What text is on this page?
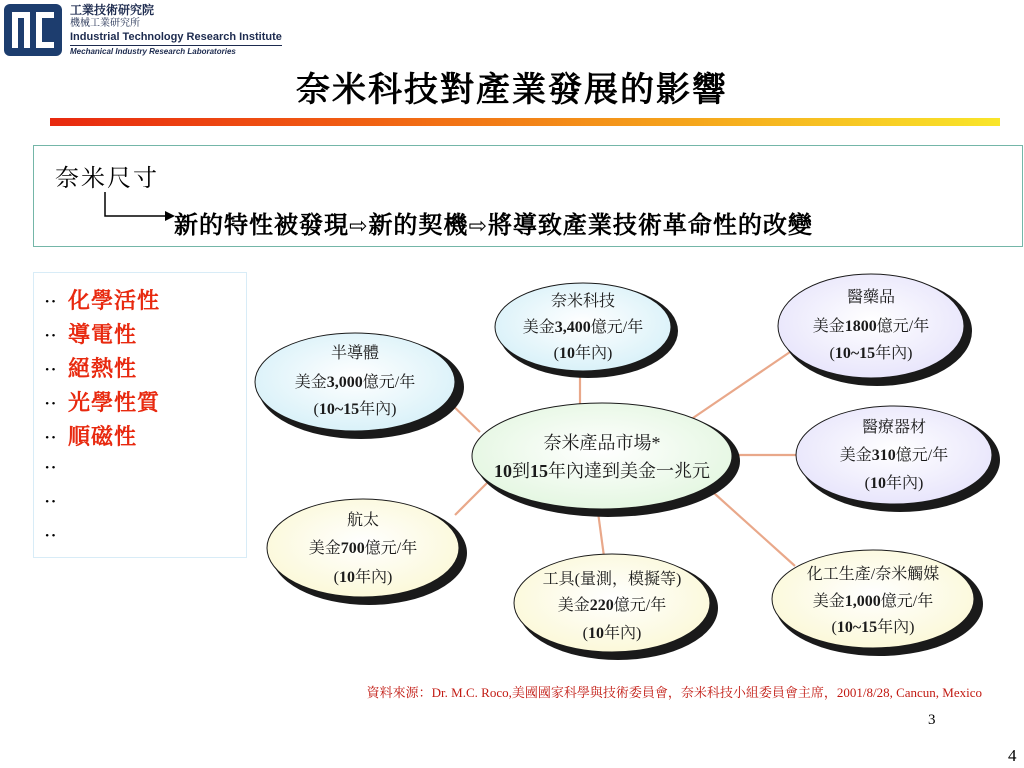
工業技術研究院
機械工業研究所
Industrial Technology Research Institute
Mechanical Industry Research Laboratories
奈米科技對產業發展的影響
奈米尺寸
新的特性被發現⇨新的契機⇨將導致產業技術革命性的改變
·· 化學活性
·· 導電性
·· 絕熱性
·· 光學性質
·· 順磁性
··
··
··
奈米科技
美金3,400億元/年
(10年內)
醫藥品
美金1800億元/年
(10~15年內)
半導體
美金3,000億元/年
(10~15年內)
醫療器材
美金310億元/年
(10年內)
奈米產品市場*
10到15年內達到美金一兆元
航太
美金700億元/年
(10年內)	工具(量測，模擬等)
美金220億元/年
(10年內)
化工生產/奈米觸媒
美金1,000億元/年
(10~15年內)
資料來源：Dr. M.C. Roco,美國國家科學與技術委員會，奈米科技小組委員會主席，2001/8/28, Cancun, Mexico
3
4
